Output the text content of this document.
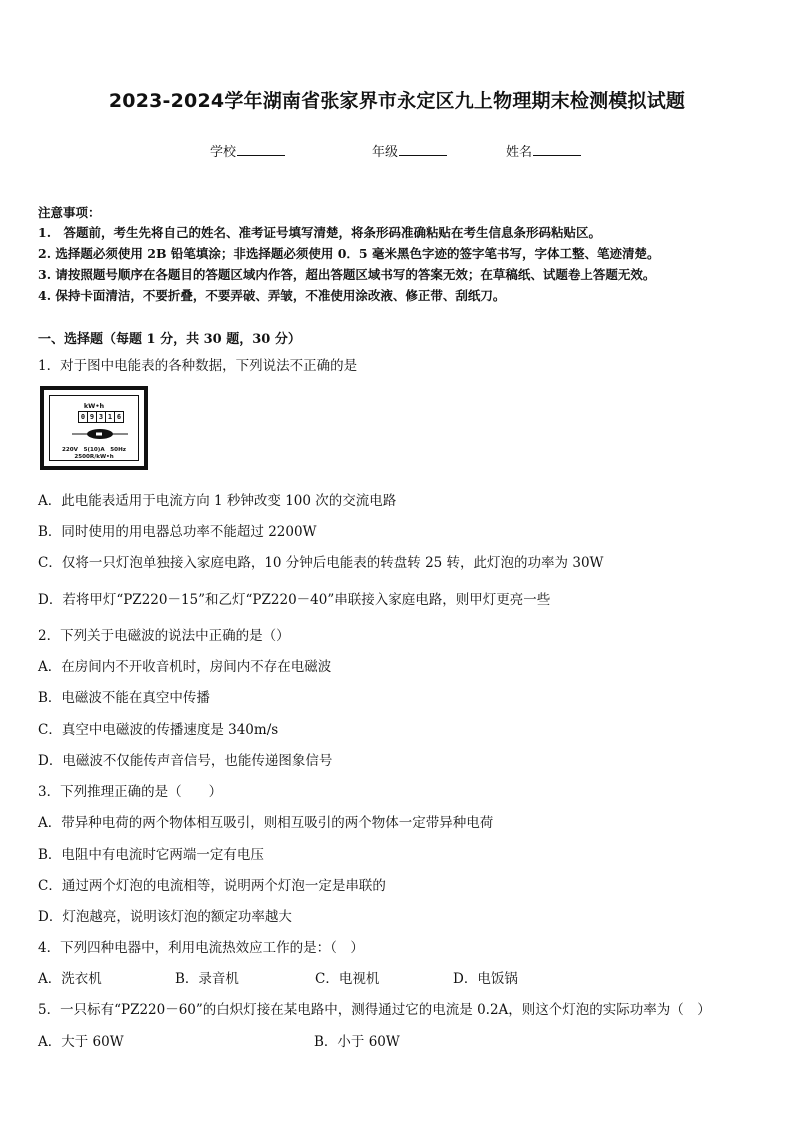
2023-2024学年湖南省张家界市永定区九上物理期末检测模拟试题
学校	年级	姓名
注意事项：
1.　答题前，考生先将自己的姓名、准考证号填写清楚，将条形码准确粘贴在考生信息条形码粘贴区。
2. 选择题必须使用 2B 铅笔填涂；非选择题必须使用 0．5 毫米黑色字迹的签字笔书写，字体工整、笔迹清楚。
3. 请按照题号顺序在各题目的答题区域内作答，超出答题区域书写的答案无效；在草稿纸、试题卷上答题无效。
4. 保持卡面清洁，不要折叠，不要弄破、弄皱，不准使用涂改液、修正带、刮纸刀。
一、选择题（每题 1 分，共 30 题，30 分）
1．对于图中电能表的各种数据，下列说法不正确的是
kW•h
0 9 3 1 6
220V　5(10)A　50Hz
2500R/kW•h
A．此电能表适用于电流方向 1 秒钟改变 100 次的交流电路
B．同时使用的用电器总功率不能超过 2200W
C．仅将一只灯泡单独接入家庭电路，10 分钟后电能表的转盘转 25 转，此灯泡的功率为 30W
D．若将甲灯“PZ220－15”和乙灯“PZ220－40”串联接入家庭电路，则甲灯更亮一些
2．下列关于电磁波的说法中正确的是（）
A．在房间内不开收音机时，房间内不存在电磁波
B．电磁波不能在真空中传播
C．真空中电磁波的传播速度是 340m/s
D．电磁波不仅能传声音信号，也能传递图象信号
3．下列推理正确的是（　　）
A．带异种电荷的两个物体相互吸引，则相互吸引的两个物体一定带异种电荷
B．电阻中有电流时它两端一定有电压
C．通过两个灯泡的电流相等，说明两个灯泡一定是串联的
D．灯泡越亮，说明该灯泡的额定功率越大
4．下列四种电器中，利用电流热效应工作的是：（　）
A．洗衣机	B．录音机	C．电视机	D．电饭锅
5．一只标有“PZ220－60”的白炽灯接在某电路中，测得通过它的电流是 0.2A，则这个灯泡的实际功率为（　）
A．大于 60W	B．小于 60W
